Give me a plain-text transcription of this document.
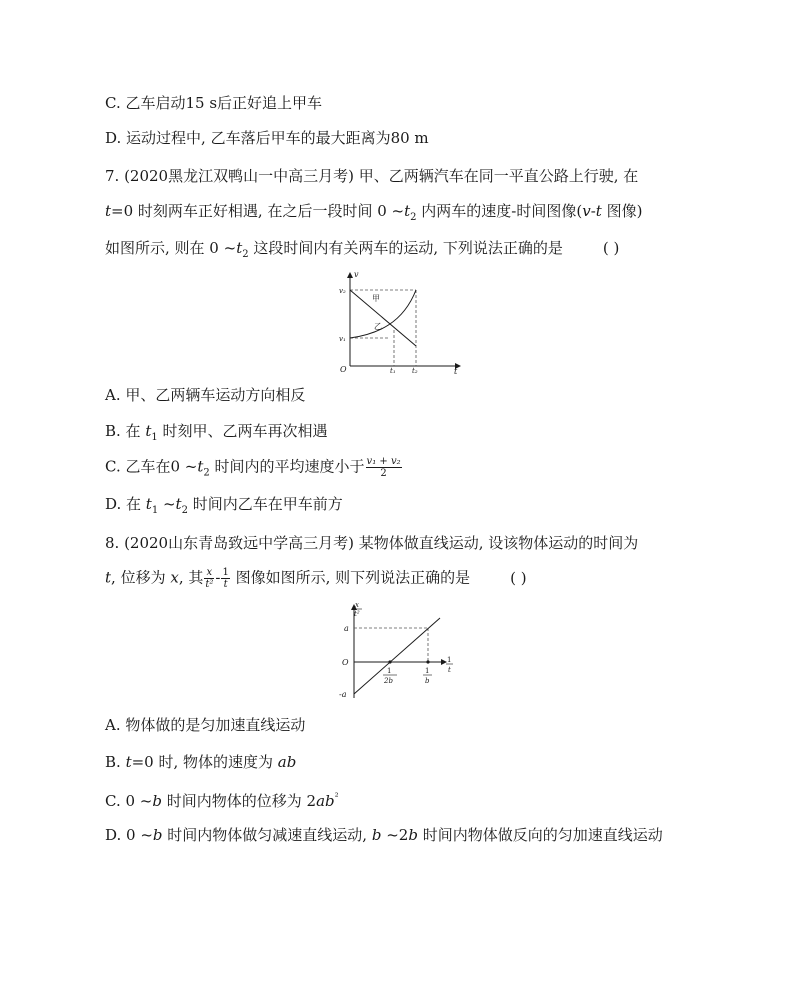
C. 乙车启动15 s后正好追上甲车
D. 运动过程中, 乙车落后甲车的最大距离为80 m
7. (2020黑龙江双鸭山一中高三月考) 甲、乙两辆汽车在同一平直公路上行驶, 在
t=0 时刻两车正好相遇, 在之后一段时间 0 $\sim t_2$ 内两车的速度-时间图像(v-t 图像)
如图所示, 则在 0 $\sim t_2$ 这段时间内有关两车的运动, 下列说法正确的是	( )
v
v₂
v₁
O	t₁ t₂	t
甲
乙
A. 甲、乙两辆车运动方向相反
B. 在 $t_1$ 时刻甲、乙两车再次相遇
C. 乙车在0 $\sim t_2$ 时间内的平均速度小于 $\frac{\text{v₁ + v₂}}{2}$
D. 在 $t_1$ $\sim t_2$ 时间内乙车在甲车前方
8. (2020山东青岛致远中学高三月考) 某物体做直线运动, 设该物体运动的时间为
t, 位移为 x, 其 $\frac{x}{\text{t²}} - \frac{1}{t}$ 图像如图所示, 则下列说法正确的是	( )
x
t²
a
O
-a
1
t
1
2b
1
b
A. 物体做的是匀加速直线运动
B. t=0 时, 物体的速度为 ab
C. 0 ~b 时间内物体的位移为 $2ab^{^2}$
D. 0 ~b 时间内物体做匀减速直线运动, b ~2b 时间内物体做反向的匀加速直线运动
